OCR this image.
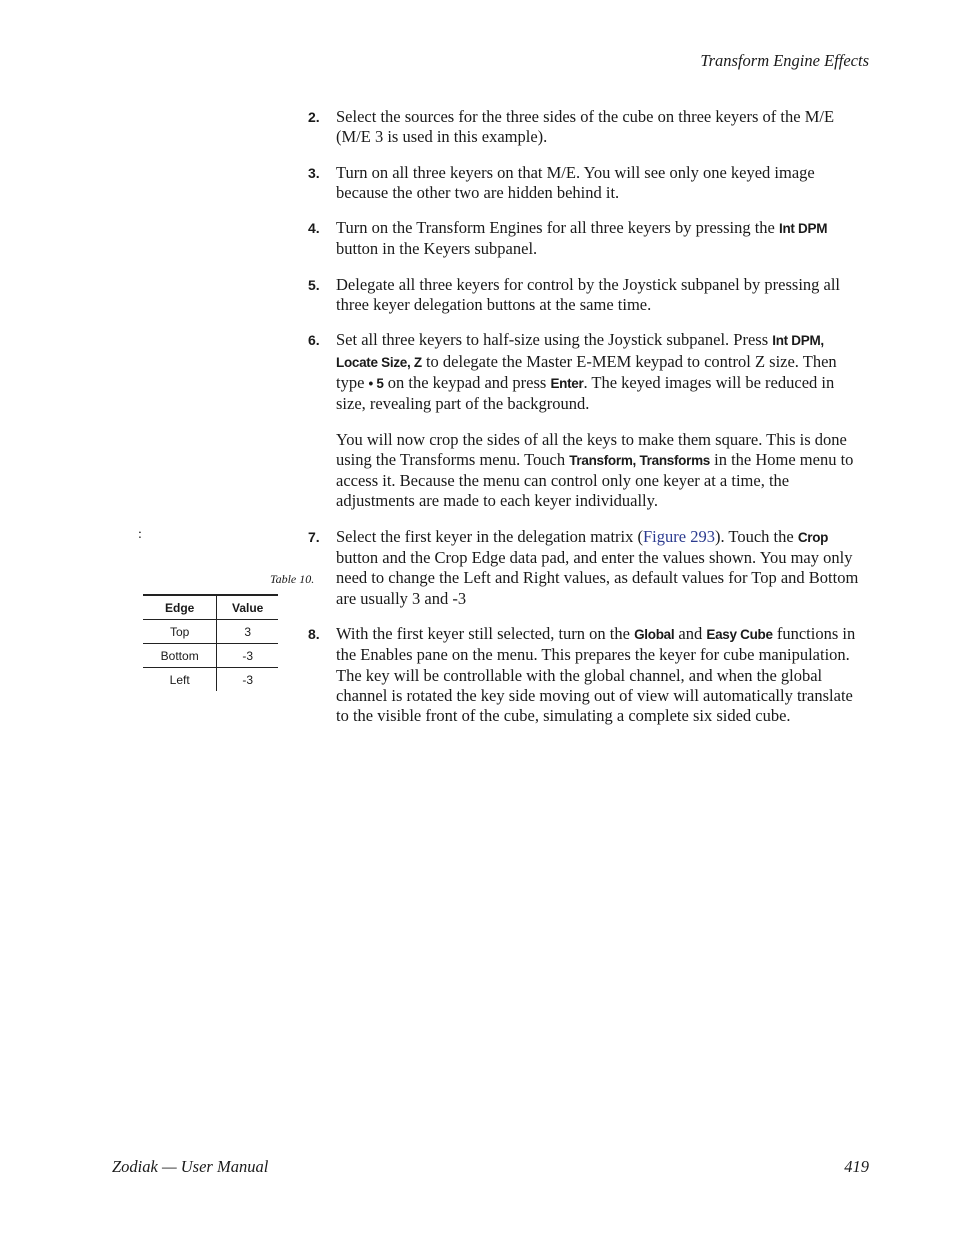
Transform Engine Effects
2. Select the sources for the three sides of the cube on three keyers of the M/E (M/E 3 is used in this example).
3. Turn on all three keyers on that M/E. You will see only one keyed image because the other two are hidden behind it.
4. Turn on the Transform Engines for all three keyers by pressing the Int DPM button in the Keyers subpanel.
5. Delegate all three keyers for control by the Joystick subpanel by pressing all three keyer delegation buttons at the same time.
6. Set all three keyers to half-size using the Joystick subpanel. Press Int DPM, Locate Size, Z to delegate the Master E-MEM keypad to control Z size. Then type • 5 on the keypad and press Enter. The keyed images will be reduced in size, revealing part of the background.
You will now crop the sides of all the keys to make them square. This is done using the Transforms menu. Touch Transform, Transforms in the Home menu to access it. Because the menu can control only one keyer at a time, the adjustments are made to each keyer individually.
7. Select the first keyer in the delegation matrix (Figure 293). Touch the Crop button and the Crop Edge data pad, and enter the values shown. You may only need to change the Left and Right values, as default values for Top and Bottom are usually 3 and -3
8. With the first keyer still selected, turn on the Global and Easy Cube functions in the Enables pane on the menu. This prepares the keyer for cube manipulation. The key will be controllable with the global channel, and when the global channel is rotated the key side moving out of view will automatically translate to the visible front of the cube, simulating a complete six sided cube.
:
Table 10.
Edge	Value
Top	3
Bottom	-3
Left	-3
Zodiak — User Manual	419
